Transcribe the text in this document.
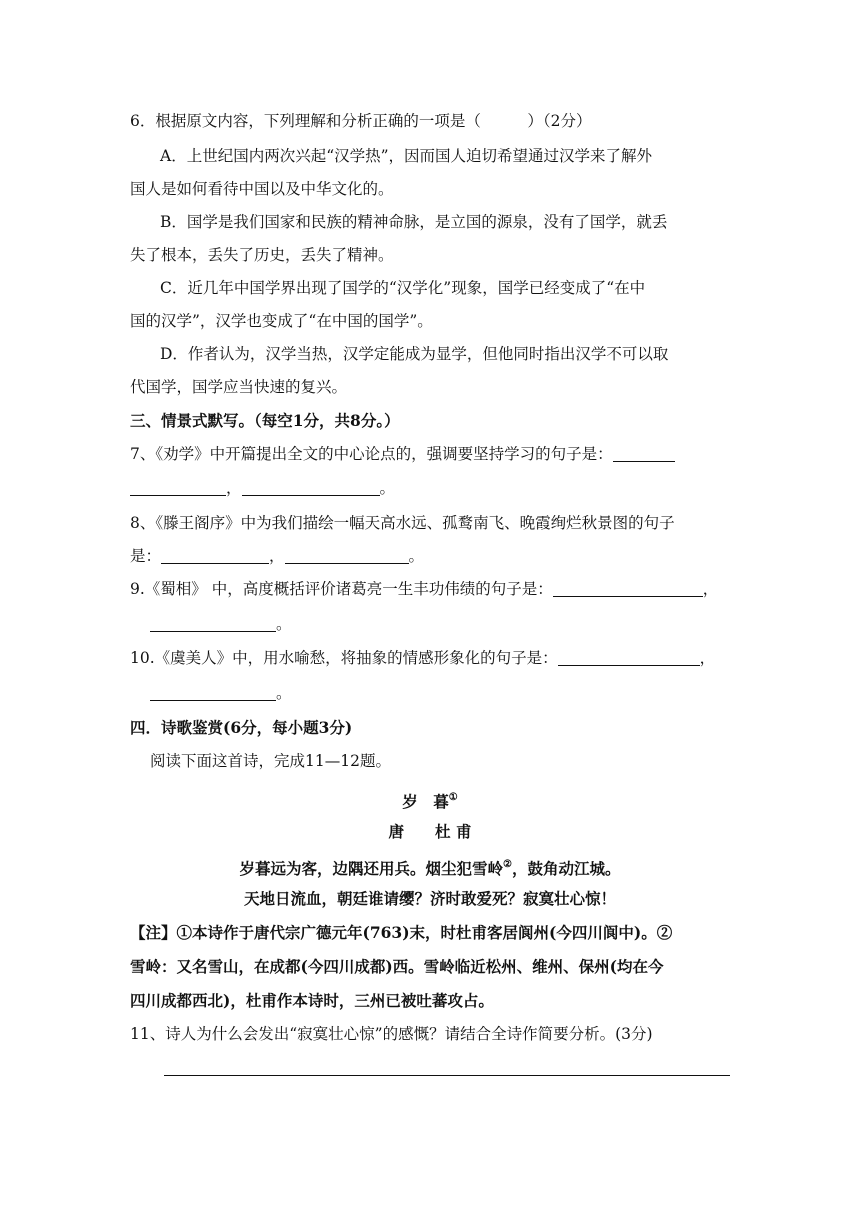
6．根据原文内容，下列理解和分析正确的一项是（　　　）（2分）
A．上世纪国内两次兴起“汉学热”，因而国人迫切希望通过汉学来了解外
国人是如何看待中国以及中华文化的。
B．国学是我们国家和民族的精神命脉，是立国的源泉，没有了国学，就丢
失了根本，丢失了历史，丢失了精神。
C．近几年中国学界出现了国学的“汉学化”现象，国学已经变成了“在中
国的汉学”，汉学也变成了“在中国的国学”。
D．作者认为，汉学当热，汉学定能成为显学，但他同时指出汉学不可以取
代国学，国学应当快速的复兴。
三、情景式默写。（每空1分，共8分。）
7、《劝学》中开篇提出全文的中心论点的，强调要坚持学习的句子是：
，	。
8、《滕王阁序》中为我们描绘一幅天高水远、孤鹜南飞、晚霞绚烂秋景图的句子
是：	，	。
9.《蜀相》 中，高度概括评价诸葛亮一生丰功伟绩的句子是：	，
。
10.《虞美人》中，用水喻愁，将抽象的情感形象化的句子是：	，
。
四．诗歌鉴赏(6分，每小题3分)
阅读下面这首诗，完成11—12题。
岁　暮①
唐　　杜 甫
岁暮远为客，边隅还用兵。烟尘犯雪岭②，鼓角动江城。
天地日流血，朝廷谁请缨？济时敢爱死？寂寞壮心惊！
【注】①本诗作于唐代宗广德元年(763)末，时杜甫客居阆州(今四川阆中)。②
雪岭：又名雪山，在成都(今四川成都)西。雪岭临近松州、维州、保州(均在今
四川成都西北)，杜甫作本诗时，三州已被吐蕃攻占。
11、诗人为什么会发出“寂寞壮心惊”的感慨？请结合全诗作简要分析。(3分)
